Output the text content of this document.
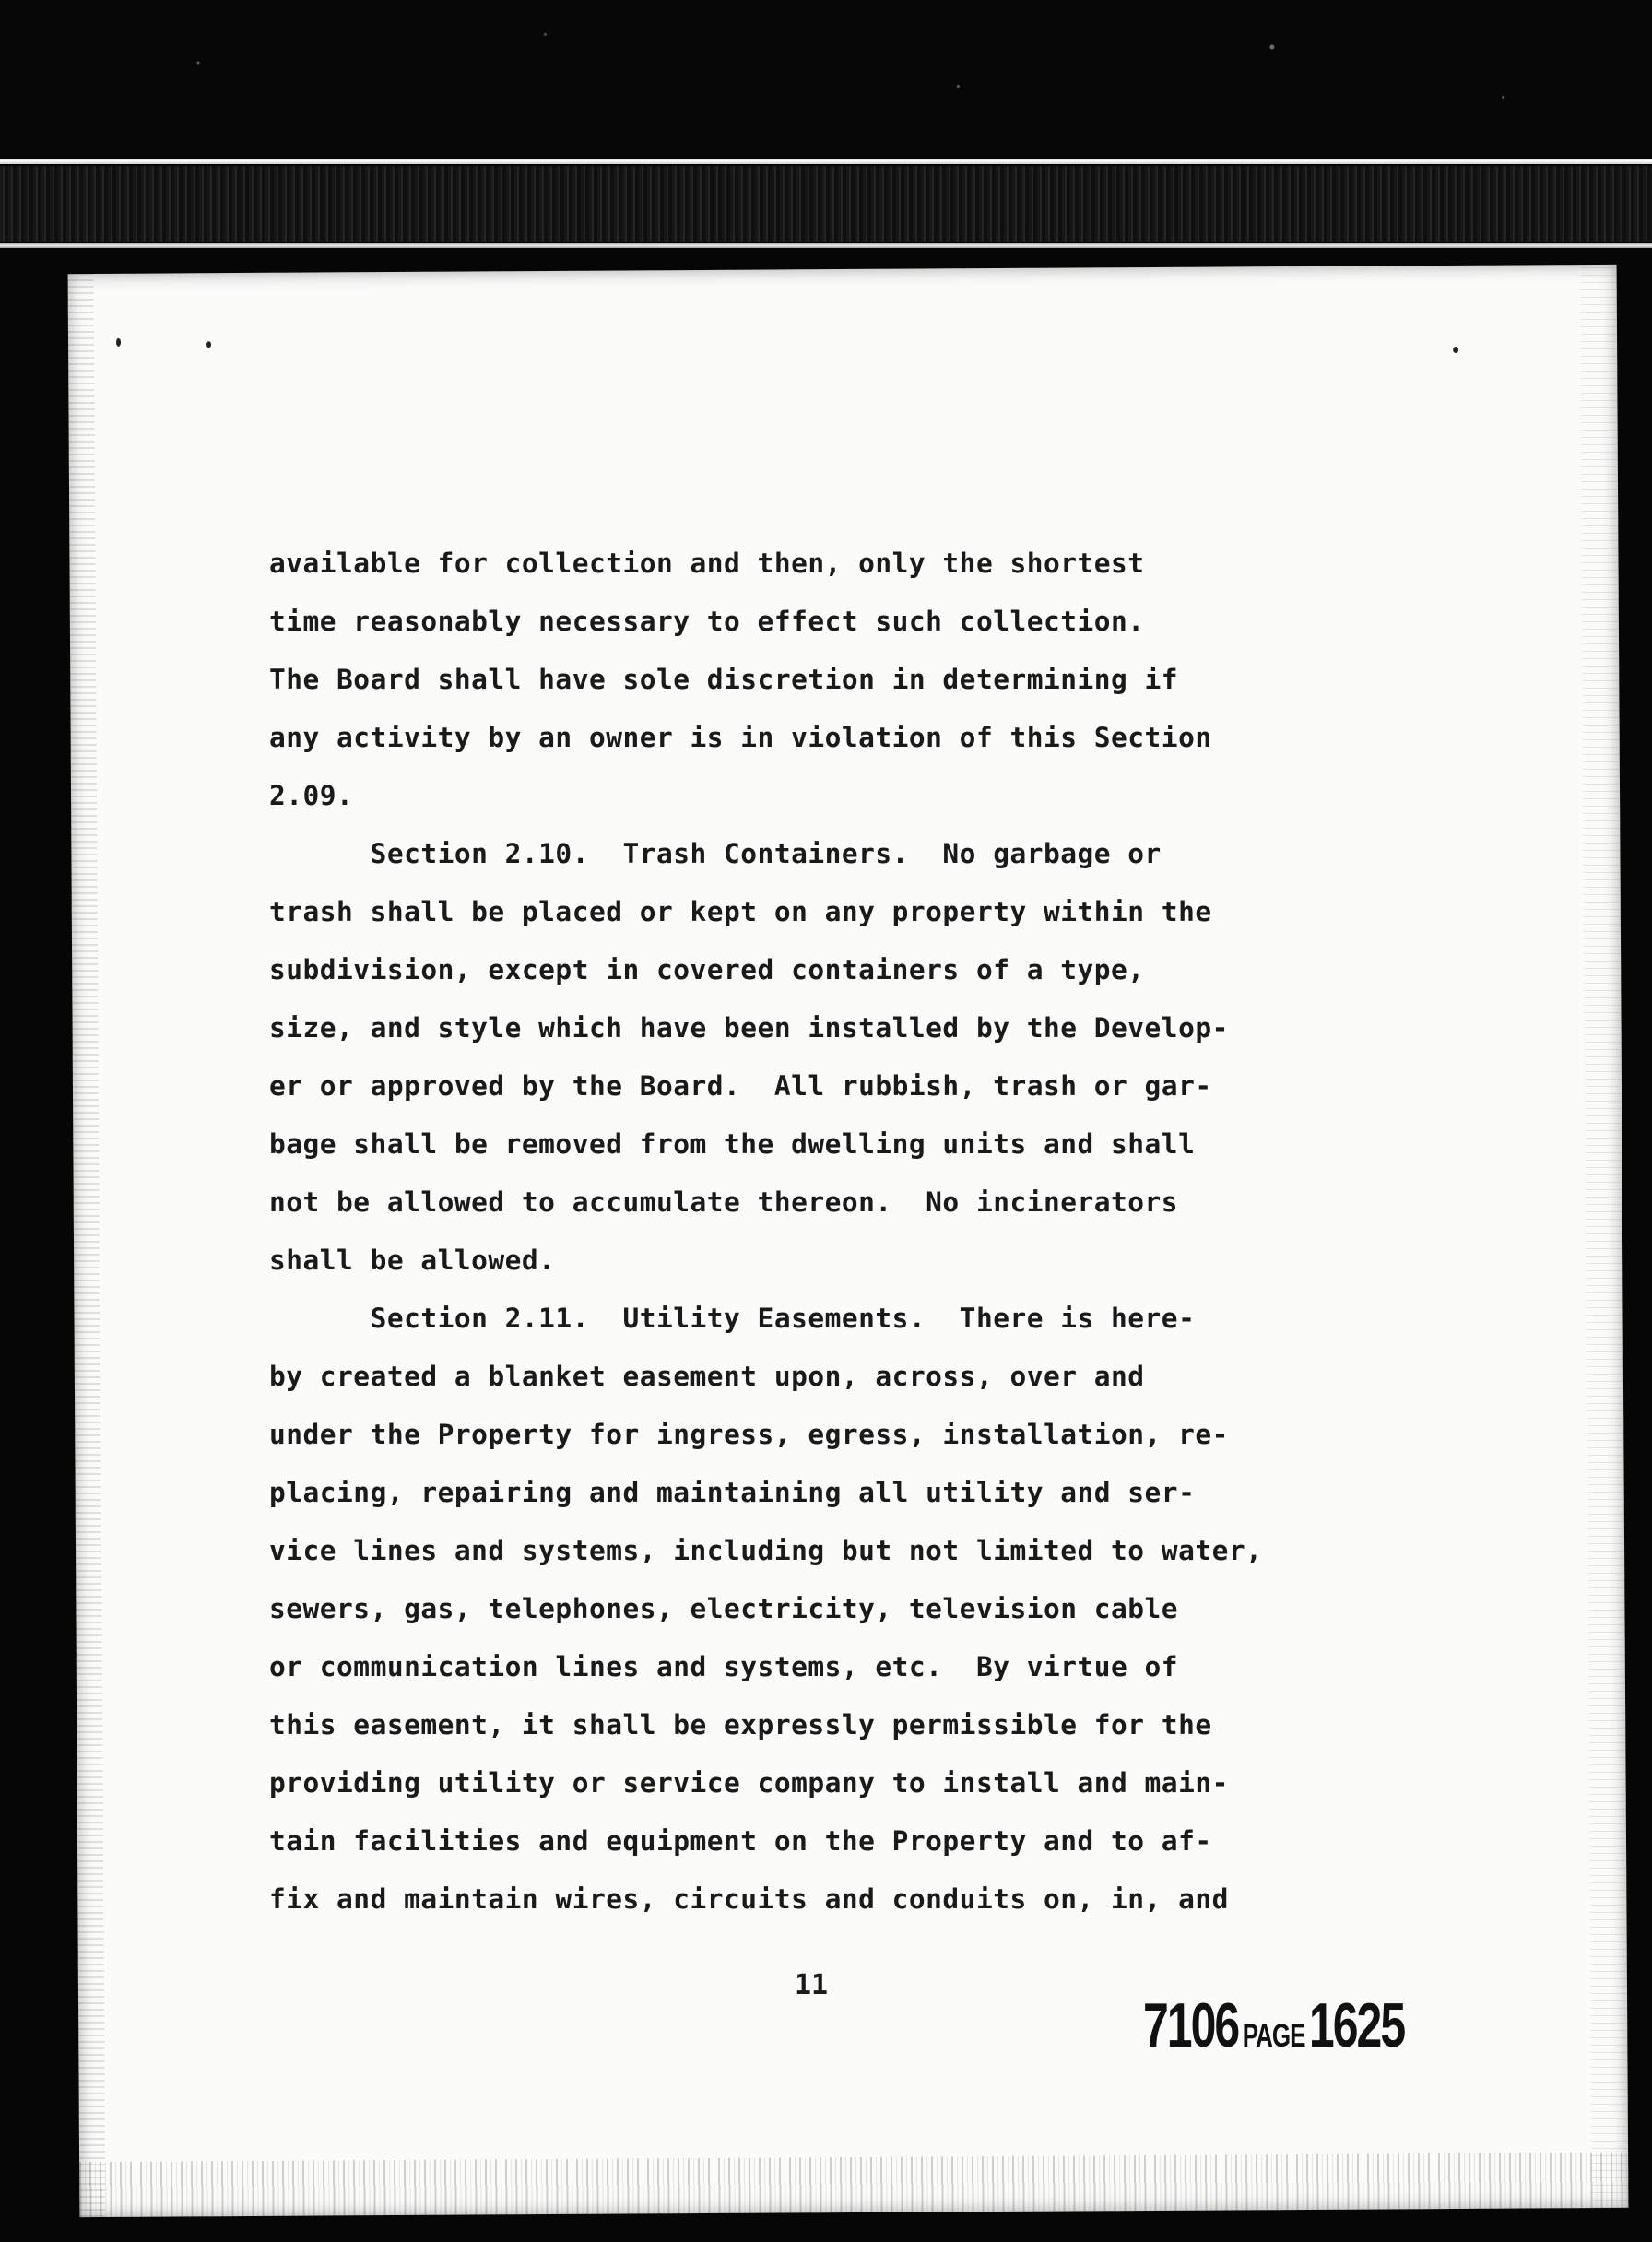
available for collection and then, only the shortest
time reasonably necessary to effect such collection.
The Board shall have sole discretion in determining if
any activity by an owner is in violation of this Section
2.09.
Section 2.10.  Trash Containers.  No garbage or
trash shall be placed or kept on any property within the
subdivision, except in covered containers of a type,
size, and style which have been installed by the Develop-
er or approved by the Board.  All rubbish, trash or gar-
bage shall be removed from the dwelling units and shall
not be allowed to accumulate thereon.  No incinerators
shall be allowed.
Section 2.11.  Utility Easements.  There is here-
by created a blanket easement upon, across, over and
under the Property for ingress, egress, installation, re-
placing, repairing and maintaining all utility and ser-
vice lines and systems, including but not limited to water,
sewers, gas, telephones, electricity, television cable
or communication lines and systems, etc.  By virtue of
this easement, it shall be expressly permissible for the
providing utility or service company to install and main-
tain facilities and equipment on the Property and to af-
fix and maintain wires, circuits and conduits on, in, and
11
7106 PAGE 1625
